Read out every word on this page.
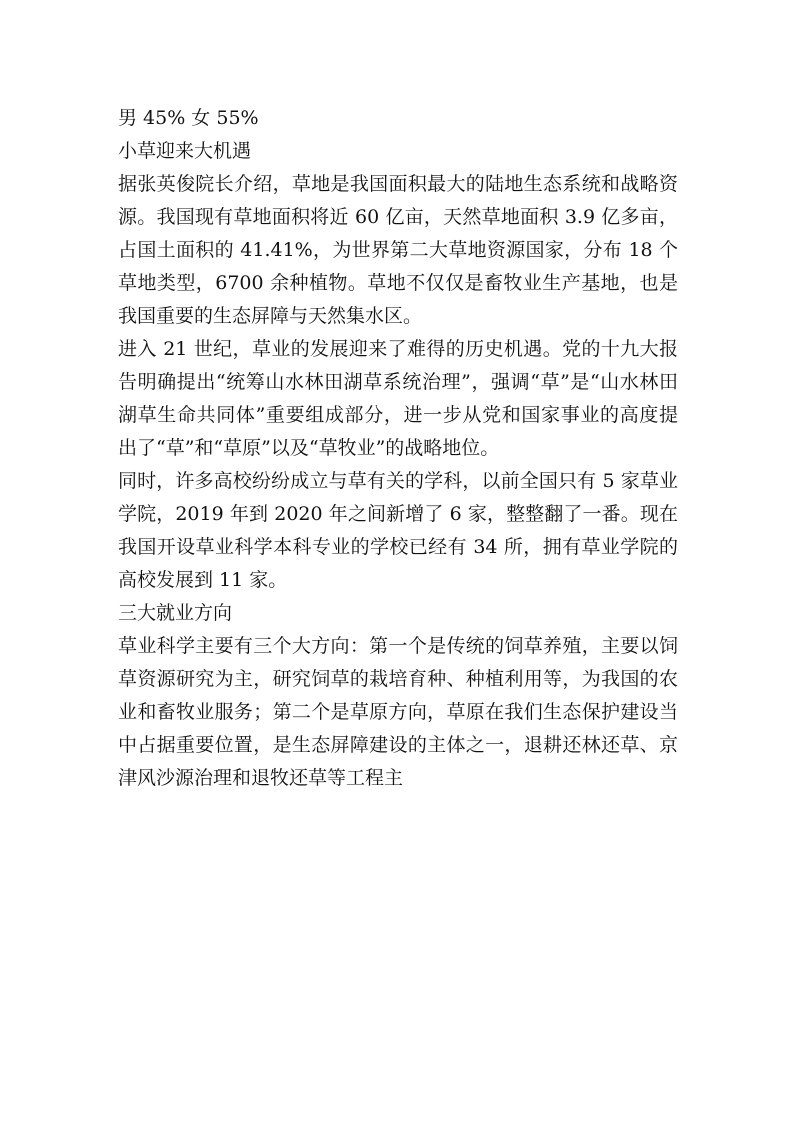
男 45% 女 55%

小草迎来大机遇

据张英俊院长介绍，草地是我国面积最大的陆地生态系统和战略资源。我国现有草地面积将近 60 亿亩，天然草地面积 3.9 亿多亩，占国土面积的 41.41%，为世界第二大草地资源国家，分布 18 个草地类型，6700 余种植物。草地不仅仅是畜牧业生产基地，也是我国重要的生态屏障与天然集水区。

进入 21 世纪，草业的发展迎来了难得的历史机遇。党的十九大报告明确提出“统筹山水林田湖草系统治理”，强调“草”是“山水林田湖草生命共同体”重要组成部分，进一步从党和国家事业的高度提出了“草”和“草原”以及“草牧业”的战略地位。

同时，许多高校纷纷成立与草有关的学科，以前全国只有 5 家草业学院，2019 年到 2020 年之间新增了 6 家，整整翻了一番。现在我国开设草业科学本科专业的学校已经有 34 所，拥有草业学院的高校发展到 11 家。

三大就业方向

草业科学主要有三个大方向：第一个是传统的饲草养殖，主要以饲草资源研究为主，研究饲草的栽培育种、种植利用等，为我国的农业和畜牧业服务；第二个是草原方向，草原在我们生态保护建设当中占据重要位置，是生态屏障建设的主体之一，退耕还林还草、京津风沙源治理和退牧还草等工程主
